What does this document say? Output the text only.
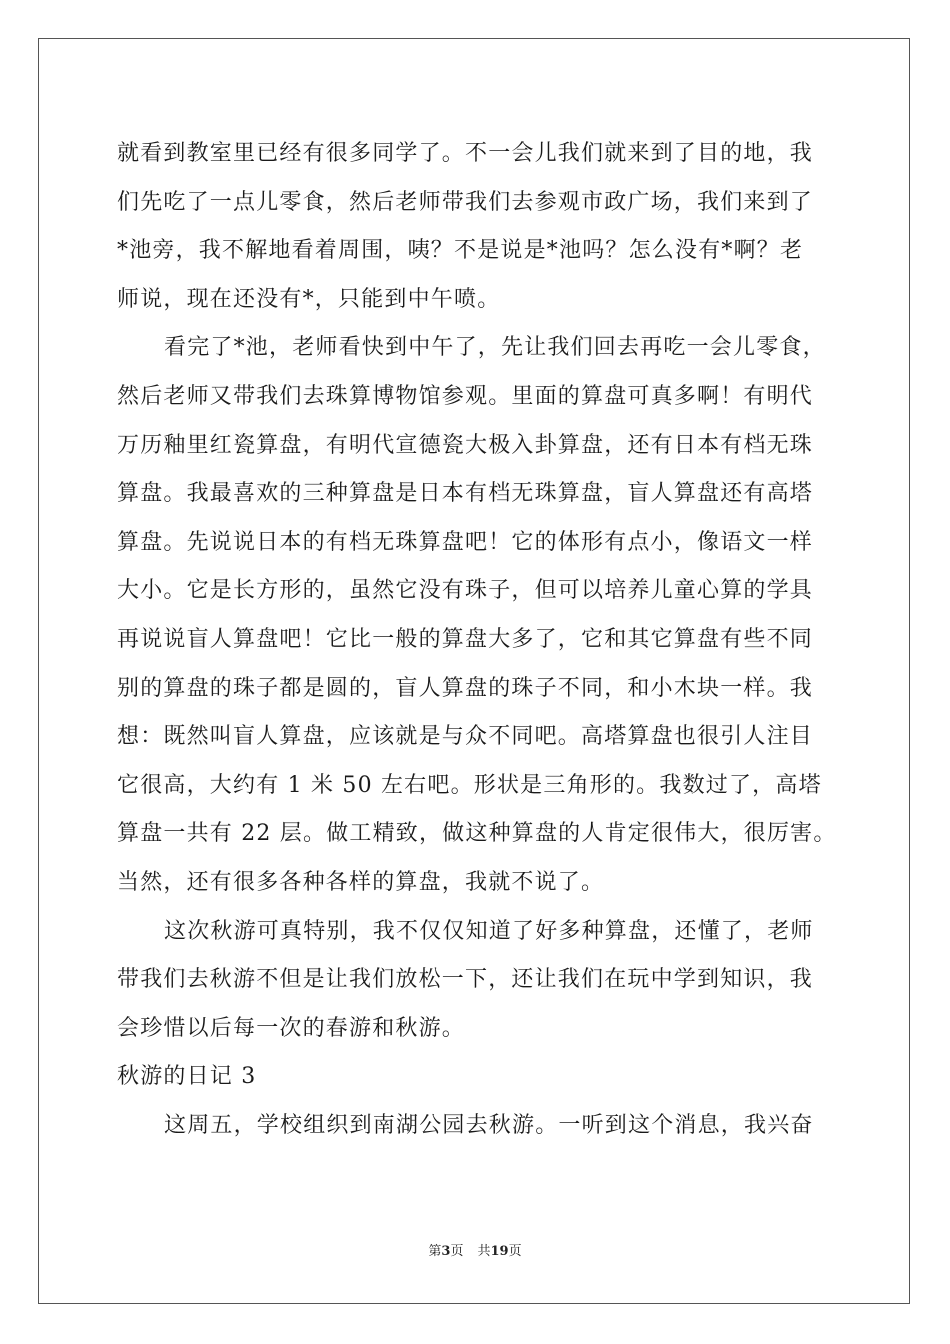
就看到教室里已经有很多同学了。不一会儿我们就来到了目的地，我
们先吃了一点儿零食，然后老师带我们去参观市政广场，我们来到了
*池旁，我不解地看着周围，咦？不是说是*池吗？怎么没有*啊？老
师说，现在还没有*，只能到中午喷。
看完了*池，老师看快到中午了，先让我们回去再吃一会儿零食，
然后老师又带我们去珠算博物馆参观。里面的算盘可真多啊！有明代
万历釉里红瓷算盘，有明代宣德瓷大极入卦算盘，还有日本有档无珠
算盘。我最喜欢的三种算盘是日本有档无珠算盘，盲人算盘还有高塔
算盘。先说说日本的有档无珠算盘吧！它的体形有点小，像语文一样
大小。它是长方形的，虽然它没有珠子，但可以培养儿童心算的学具
再说说盲人算盘吧！它比一般的算盘大多了，它和其它算盘有些不同
别的算盘的珠子都是圆的，盲人算盘的珠子不同，和小木块一样。我
想：既然叫盲人算盘，应该就是与众不同吧。高塔算盘也很引人注目
它很高，大约有 1 米 50 左右吧。形状是三角形的。我数过了，高塔
算盘一共有 22 层。做工精致，做这种算盘的人肯定很伟大，很厉害。
当然，还有很多各种各样的算盘，我就不说了。
这次秋游可真特别，我不仅仅知道了好多种算盘，还懂了，老师
带我们去秋游不但是让我们放松一下，还让我们在玩中学到知识，我
会珍惜以后每一次的春游和秋游。
秋游的日记 3
这周五，学校组织到南湖公园去秋游。一听到这个消息，我兴奋
第3页 共19页
